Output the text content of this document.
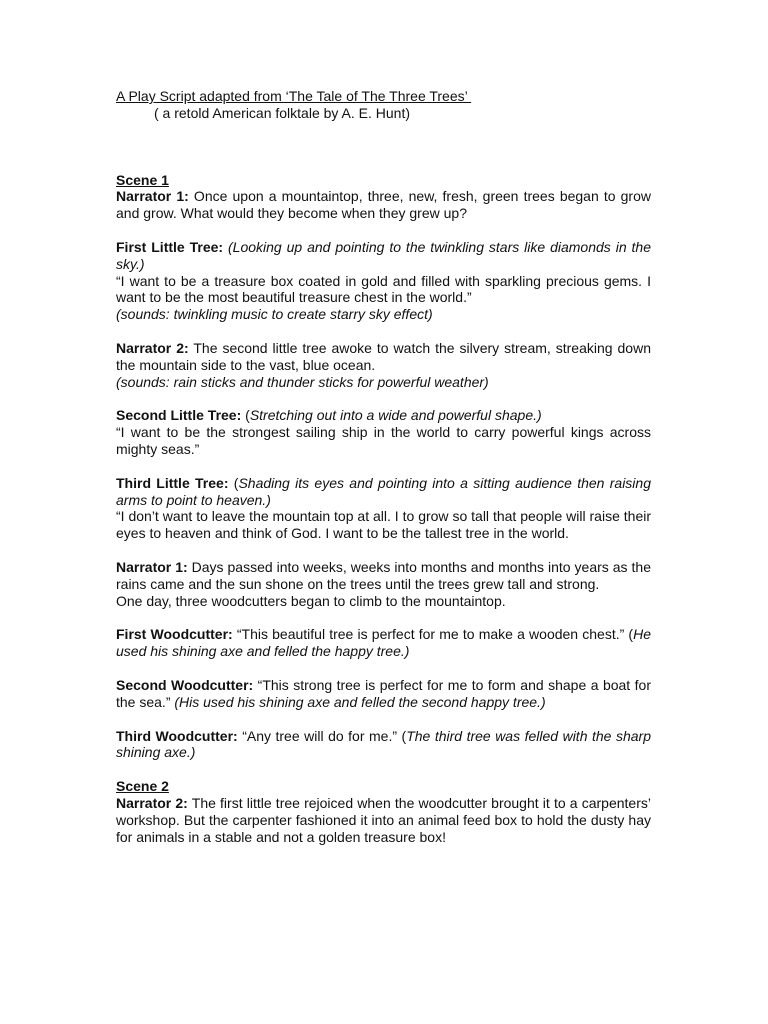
A Play Script adapted from ‘The Tale of The Three Trees’
( a retold American folktale by A. E. Hunt)
Scene 1
Narrator 1: Once upon a mountaintop, three, new, fresh, green trees began to grow and grow. What would they become when they grew up?
First Little Tree: (Looking up and pointing to the twinkling stars like diamonds in the sky.)
“I want to be a treasure box coated in gold and filled with sparkling precious gems. I want to be the most beautiful treasure chest in the world.”
(sounds: twinkling music to create starry sky effect)
Narrator 2: The second little tree awoke to watch the silvery stream, streaking down the mountain side to the vast, blue ocean.
(sounds: rain sticks and thunder sticks for powerful weather)
Second Little Tree: (Stretching out into a wide and powerful shape.)
“I want to be the strongest sailing ship in the world to carry powerful kings across mighty seas.”
Third Little Tree: (Shading its eyes and pointing into a sitting audience then raising arms to point to heaven.)
“I don’t want to leave the mountain top at all. I to grow so tall that people will raise their eyes to heaven and think of God. I want to be the tallest tree in the world.
Narrator 1: Days passed into weeks, weeks into months and months into years as the rains came and the sun shone on the trees until the trees grew tall and strong.
One day, three woodcutters began to climb to the mountaintop.
First Woodcutter: “This beautiful tree is perfect for me to make a wooden chest.” (He used his shining axe and felled the happy tree.)
Second Woodcutter: “This strong tree is perfect for me to form and shape a boat for the sea.” (His used his shining axe and felled the second happy tree.)
Third Woodcutter: “Any tree will do for me.” (The third tree was felled with the sharp shining axe.)
Scene 2
Narrator 2: The first little tree rejoiced when the woodcutter brought it to a carpenters’ workshop. But the carpenter fashioned it into an animal feed box to hold the dusty hay for animals in a stable and not a golden treasure box!
